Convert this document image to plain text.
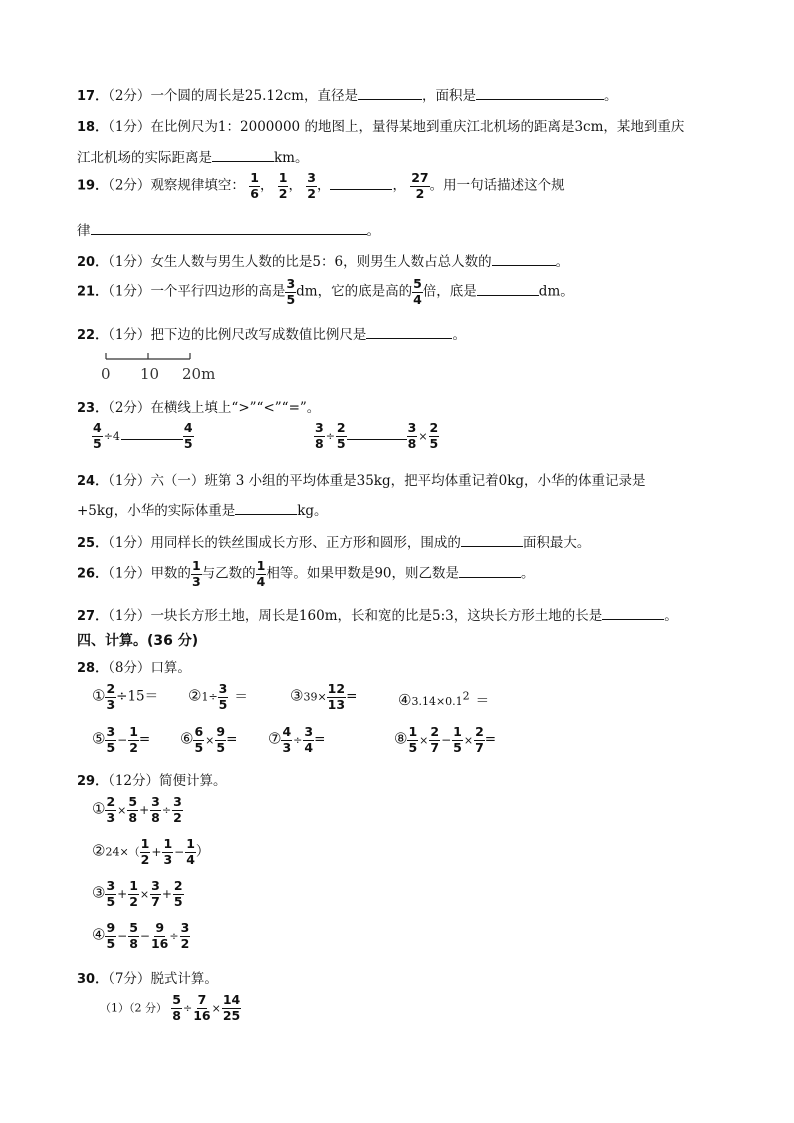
17．（2分）一个圆的周长是25.12cm，直径是	，面积是	。
18．（1分）在比例尺为1：2000000 的地图上，量得某地到重庆江北机场的距离是3cm，某地到重庆
江北机场的实际距离是	km。
19．（2分）观察规律填空： $\frac{1}{6}$ ， $\frac{1}{2}$ ， $\frac{3}{2}$ ，	， $\frac{27}{2}$ 。用一句话描述这个规
律	。
20．（1分）女生人数与男生人数的比是5：6，则男生人数占总人数的	。
21．（1分）一个平行四边形的高是 $\frac{3}{5}$ dm，它的底是高的 $\frac{5}{4}$ 倍，底是	dm。
22．（1分）把下边的比例尺改写成数值比例尺是	。
0 10 20m
23．（2分）在横线上填上“>”“<”“=”。
$\frac{4}{5} \div 4$	$\frac{4}{5}$	$\frac{3}{8} \div \frac{2}{5}$	$\frac{3}{8} \times \frac{2}{5}$
24．（1分）六（一）班第 3 小组的平均体重是35kg，把平均体重记着0kg，小华的体重记录是
+5kg，小华的实际体重是	kg。
25．（1分）用同样长的铁丝围成长方形、正方形和圆形，围成的	面积最大。
26．（1分）甲数的 $\frac{1}{3}$ 与乙数的 $\frac{1}{4}$ 相等。如果甲数是90，则乙数是	。
27．（1分）一块长方形土地，周长是160m，长和宽的比是5:3，这块长方形土地的长是	。
四、计算。(36 分)
28．（8分）口算。
① $\frac{2}{3} \div 15=$ ②1÷ $\frac{3}{5}$ ＝	③39× $\frac{12}{13}$ =	$④3.14\times 0.1^2$ ＝
⑤ $\frac{3}{5} - \frac{1}{2}$ = ⑥ $\frac{6}{5} \times \frac{9}{5}$ = ⑦ $\frac{4}{3} \div \frac{3}{4}$ =	⑧ $\frac{1}{5} \times \frac{2}{7} - \frac{1}{5} \times \frac{2}{7}$ =
29．（12分）简便计算。
① $\frac{2}{3} \times \frac{5}{8} + \frac{3}{8} \div \frac{3}{2}$
②24×（ $\frac{1}{2} + \frac{1}{3} - \frac{1}{4}$ ）
③ $\frac{3}{5} + \frac{1}{2} \times \frac{3}{7} + \frac{2}{5}$
④ $\frac{9}{5} - \frac{5}{8} - \frac{9}{16} \div \frac{3}{2}$
30．（7分）脱式计算。
（1）（2 分） $\frac{5}{8} \div \frac{7}{16} \times \frac{14}{25}$
